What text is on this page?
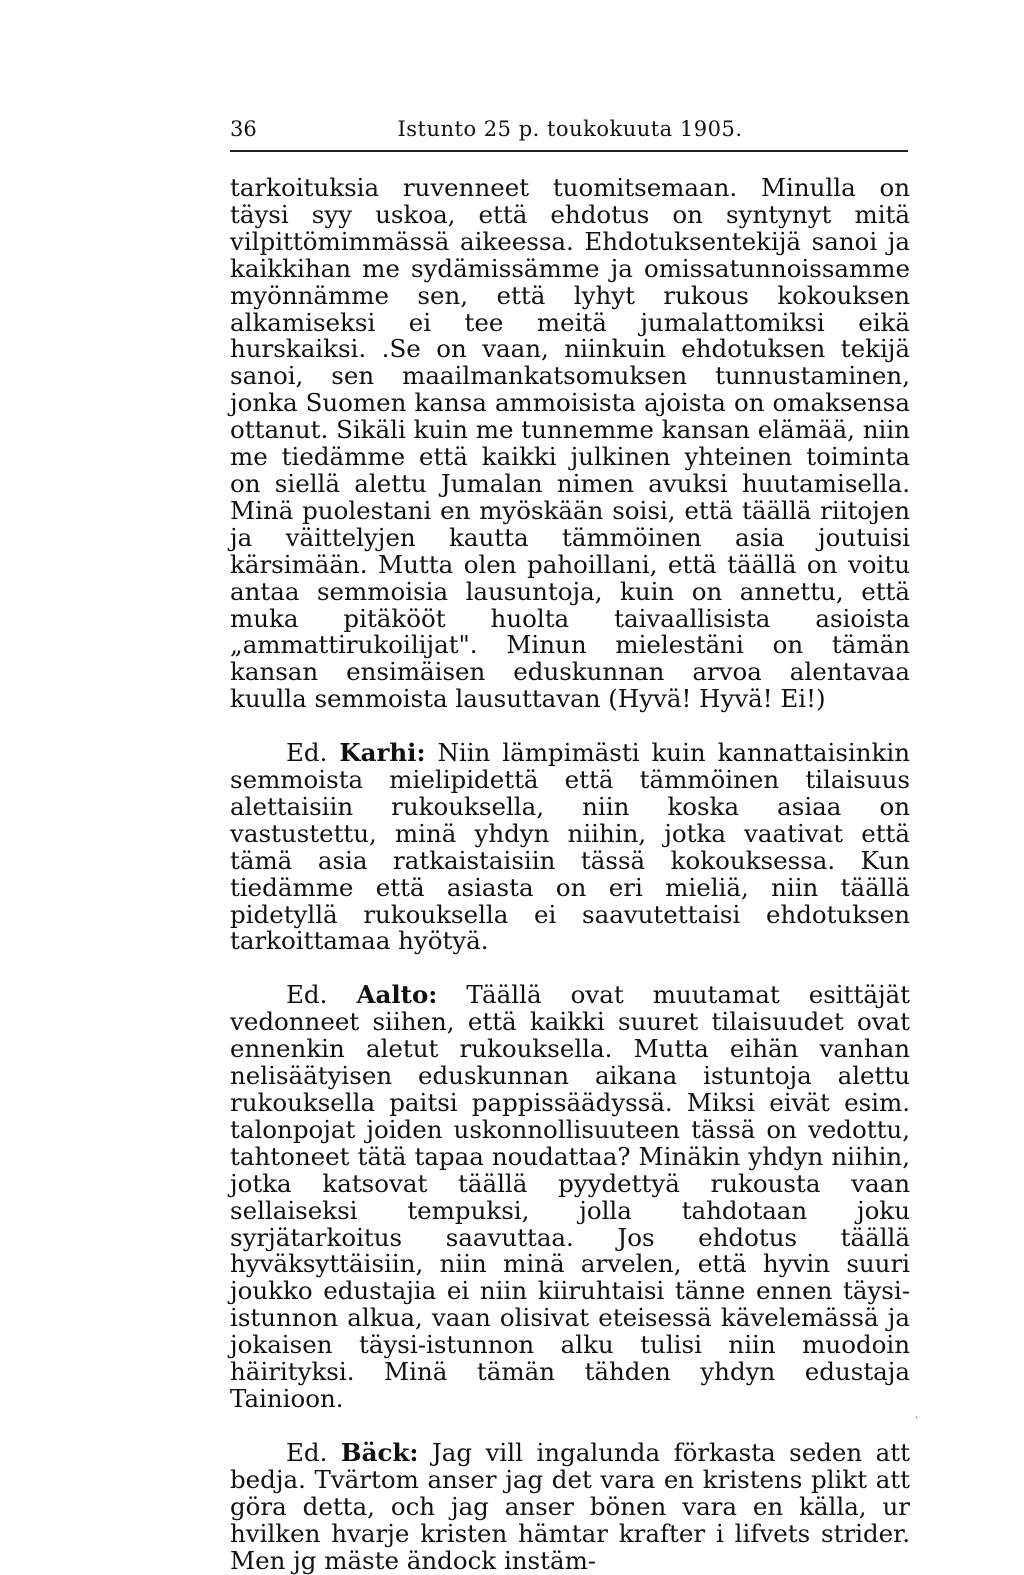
36	Istunto 25 p. toukokuuta 1905.

tarkoituksia ruvenneet tuomitsemaan. Minulla on täysi syy uskoa, että ehdotus on syntynyt mitä vilpittömimmässä aikeessa. Ehdotuksentekijä sanoi ja kaikkihan me sydämissämme ja omissatunnoissamme myönnämme sen, että lyhyt rukous kokouksen alkamiseksi ei tee meitä jumalattomiksi eikä hurskaiksi. .Se on vaan, niinkuin ehdotuksen tekijä sanoi, sen maailmankatsomuksen tunnustaminen, jonka Suomen kansa ammoisista ajoista on omaksensa ottanut. Sikäli kuin me tunnemme kansan elämää, niin me tiedämme että kaikki julkinen yhteinen toiminta on siellä alettu Jumalan nimen avuksi huutamisella. Minä puolestani en myöskään soisi, että täällä riitojen ja väittelyjen kautta tämmöinen asia joutuisi kärsimään. Mutta olen pahoillani, että täällä on voitu antaa semmoisia lausuntoja, kuin on annettu, että muka pitäkööt huolta taivaallisista asioista „ammattirukoilijat". Minun mielestäni on tämän kansan ensimäisen eduskunnan arvoa alentavaa kuulla semmoista lausuttavan (Hyvä! Hyvä! Ei!)

Ed. Karhi: Niin lämpimästi kuin kannattaisinkin semmoista mielipidettä että tämmöinen tilaisuus alettaisiin rukouksella, niin koska asiaa on vastustettu, minä yhdyn niihin, jotka vaativat että tämä asia ratkaistaisiin tässä kokouksessa. Kun tiedämme että asiasta on eri mieliä, niin täällä pidetyllä rukouksella ei saavutettaisi ehdotuksen tarkoittamaa hyötyä.

Ed. Aalto: Täällä ovat muutamat esittäjät vedonneet siihen, että kaikki suuret tilaisuudet ovat ennenkin aletut rukouksella. Mutta eihän vanhan nelisäätyisen eduskunnan aikana istuntoja alettu rukouksella paitsi pappissäädyssä. Miksi eivät esim. talonpojat joiden uskonnollisuuteen tässä on vedottu, tahtoneet tätä tapaa noudattaa? Minäkin yhdyn niihin, jotka katsovat täällä pyydettyä rukousta vaan sellaiseksi tempuksi, jolla tahdotaan joku syrjätarkoitus saavuttaa. Jos ehdotus täällä hyväksyttäisiin, niin minä arvelen, että hyvin suuri joukko edustajia ei niin kiiruhtaisi tänne ennen täysi-istunnon alkua, vaan olisivat eteisessä kävelemässä ja jokaisen täysi-istunnon alku tulisi niin muodoin häirityksi. Minä tämän tähden yhdyn edustaja Tainioon.

Ed. Bäck: Jag vill ingalunda förkasta seden att bedja. Tvärtom anser jag det vara en kristens plikt att göra detta, och jag anser bönen vara en källa, ur hvilken hvarje kristen hämtar krafter i lifvets strider. Men jg mäste ändock instäm-

·
